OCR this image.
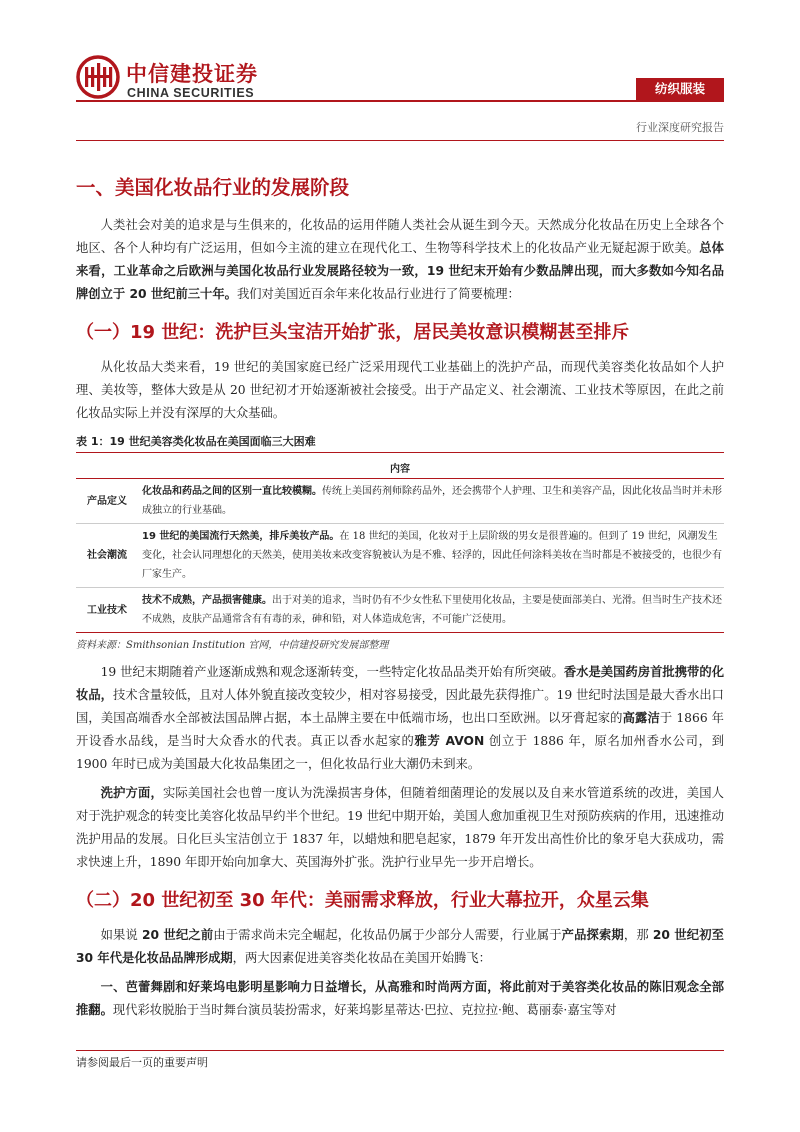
中信建投证券
CHINA SECURITIES	纺织服装
行业深度研究报告
一、美国化妆品行业的发展阶段

人类社会对美的追求是与生俱来的，化妆品的运用伴随人类社会从诞生到今天。天然成分化妆品在历史上全球各个地区、各个人种均有广泛运用，但如今主流的建立在现代化工、生物等科学技术上的化妆品产业无疑起源于欧美。总体来看，工业革命之后欧洲与美国化妆品行业发展路径较为一致，19 世纪末开始有少数品牌出现，而大多数如今知名品牌创立于 20 世纪前三十年。我们对美国近百余年来化妆品行业进行了简要梳理：

（一）19 世纪：洗护巨头宝洁开始扩张，居民美妆意识模糊甚至排斥

从化妆品大类来看，19 世纪的美国家庭已经广泛采用现代工业基础上的洗护产品，而现代美容类化妆品如个人护理、美妆等，整体大致是从 20 世纪初才开始逐渐被社会接受。出于产品定义、社会潮流、工业技术等原因，在此之前化妆品实际上并没有深厚的大众基础。

表 1：19 世纪美容类化妆品在美国面临三大困难
内容	
产品定义	化妆品和药品之间的区别一直比较模糊。传统上美国药剂师除药品外，还会携带个人护理、卫生和美容产品，因此化妆品当时并未形成独立的行业基础。
社会潮流	19 世纪的美国流行天然美，排斥美妆产品。在 18 世纪的美国，化妆对于上层阶级的男女是很普遍的。但到了 19 世纪，风潮发生变化，社会认同理想化的天然美，使用美妆来改变容貌被认为是不雅、轻浮的，因此任何涂料美妆在当时都是不被接受的，也很少有厂家生产。
工业技术	技术不成熟，产品损害健康。出于对美的追求，当时仍有不少女性私下里使用化妆品，主要是使面部美白、光滑。但当时生产技术还不成熟，皮肤产品通常含有有毒的汞，砷和铅，对人体造成危害，不可能广泛使用。
资料来源：Smithsonian Institution 官网，中信建投研究发展部整理

19 世纪末期随着产业逐渐成熟和观念逐渐转变，一些特定化妆品品类开始有所突破。香水是美国药房首批携带的化妆品，技术含量较低，且对人体外貌直接改变较少，相对容易接受，因此最先获得推广。19 世纪时法国是最大香水出口国，美国高端香水全部被法国品牌占据，本土品牌主要在中低端市场，也出口至欧洲。以牙膏起家的高露洁于 1866 年开设香水品线，是当时大众香水的代表。真正以香水起家的雅芳 AVON 创立于 1886 年，原名加州香水公司，到 1900 年时已成为美国最大化妆品集团之一，但化妆品行业大潮仍未到来。

洗护方面，实际美国社会也曾一度认为洗澡损害身体，但随着细菌理论的发展以及自来水管道系统的改进，美国人对于洗护观念的转变比美容化妆品早约半个世纪。19 世纪中期开始，美国人愈加重视卫生对预防疾病的作用，迅速推动洗护用品的发展。日化巨头宝洁创立于 1837 年，以蜡烛和肥皂起家，1879 年开发出高性价比的象牙皂大获成功，需求快速上升，1890 年即开始向加拿大、英国海外扩张。洗护行业早先一步开启增长。

（二）20 世纪初至 30 年代：美丽需求释放，行业大幕拉开，众星云集

如果说 20 世纪之前由于需求尚未完全崛起，化妆品仍属于少部分人需要，行业属于产品探索期，那 20 世纪初至 30 年代是化妆品品牌形成期，两大因素促进美容类化妆品在美国开始腾飞：

一、芭蕾舞剧和好莱坞电影明星影响力日益增长，从高雅和时尚两方面，将此前对于美容类化妆品的陈旧观念全部推翻。现代彩妆脱胎于当时舞台演员装扮需求，好莱坞影星蒂达·巴拉、克拉拉·鲍、葛丽泰·嘉宝等对

请参阅最后一页的重要声明
